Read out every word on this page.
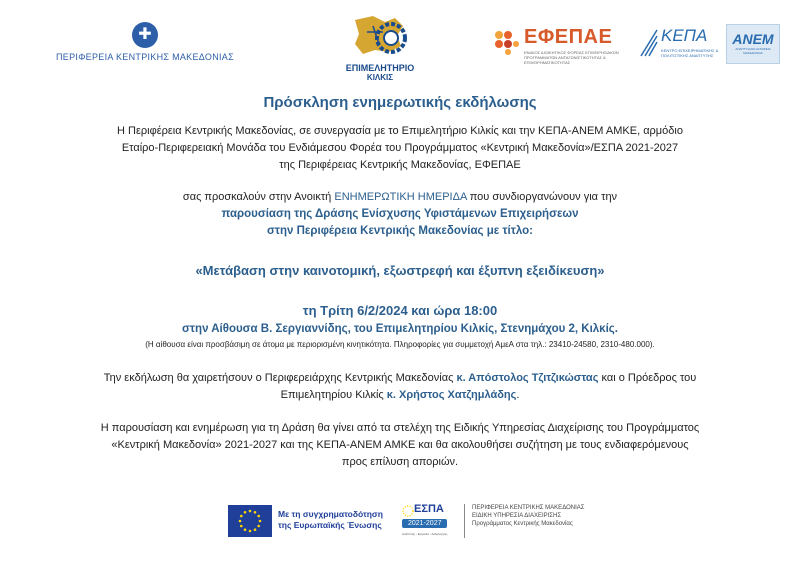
✚
ΠΕΡΙΦΕΡΕΙΑ ΚΕΝΤΡΙΚΗΣ ΜΑΚΕΔΟΝΙΑΣ
ΕΠΙΜΕΛΗΤΗΡΙΟ
ΚΙΛΚΙΣ
ΕΦΕΠΑΕ
ΕΝΙΑΙΟΣ ΔΙΟΙΚΗΤΙΚΟΣ ΦΟΡΕΑΣ ΕΠΙΧΕΙΡΗΣΙΑΚΩΝ ΠΡΟΓΡΑΜΜΑΤΩΝ ΑΝΤΑΓΩΝΙΣΤΙΚΟΤΗΤΑΣ & ΕΠΙΧΕΙΡΗΜΑΤΙΚΟΤΗΤΑΣ
ΚΕΠΑ
ΚΕΝΤΡΟ ΕΠΙΧΕΙΡΗΜΑΤΙΚΗΣ & ΠΟΛΙΤΙΣΤΙΚΗΣ ΑΝΑΠΤΥΞΗΣ
ΑΝΕΜ
ΑΝΑΠΤΥΞΙΑΚΗ ΕΤΑΙΡΕΙΑ ΜΑΚΕΔΟΝΙΑΣ
Πρόσκληση ενημερωτικής εκδήλωσης
Η Περιφέρεια Κεντρικής Μακεδονίας, σε συνεργασία με το Επιμελητήριο Κιλκίς και την ΚΕΠΑ-ΑΝΕΜ ΑΜΚΕ, αρμόδιο
Εταίρο-Περιφερειακή Μονάδα του Ενδιάμεσου Φορέα του Προγράμματος «Κεντρική Μακεδονία»/ΕΣΠΑ 2021-2027
της Περιφέρειας Κεντρικής Μακεδονίας, ΕΦΕΠΑΕ
σας προσκαλούν στην Ανοικτή ΕΝΗΜΕΡΩΤΙΚΗ ΗΜΕΡΙΔΑ που συνδιοργανώνουν για την
παρουσίαση της Δράσης Ενίσχυσης Υφιστάμενων Επιχειρήσεων
στην Περιφέρεια Κεντρικής Μακεδονίας με τίτλο:
«Μετάβαση στην καινοτομική, εξωστρεφή και έξυπνη εξειδίκευση»
τη Τρίτη 6/2/2024 και ώρα 18:00
στην Αίθουσα Β. Σεργιαννίδης, του Επιμελητηρίου Κιλκίς, Στενημάχου 2, Κιλκίς.
(Η αίθουσα είναι προσβάσιμη σε άτομα με περιορισμένη κινητικότητα. Πληροφορίες για συμμετοχή ΑμεΑ στα τηλ.: 23410-24580, 2310-480.000).
Την εκδήλωση θα χαιρετήσουν ο Περιφερειάρχης Κεντρικής Μακεδονίας κ. Απόστολος Τζιτζικώστας και ο Πρόεδρος του
Επιμελητηρίου Κιλκίς κ. Χρήστος Χατζημλάδης.
Η παρουσίαση και ενημέρωση για τη Δράση θα γίνει από τα στελέχη της Ειδικής Υπηρεσίας Διαχείρισης του Προγράμματος
«Κεντρική Μακεδονία» 2021-2027 και της ΚΕΠΑ-ΑΝΕΜ ΑΜΚΕ και θα ακολουθήσει συζήτηση με τους ενδιαφερόμενους
προς επίλυση αποριών.
Με τη συγχρηματοδότηση
της Ευρωπαϊκής Ένωσης
ΕΣΠΑ
2021-2027
Ανάπτυξη - Εργασία - Αλληλεγγύη
ΠΕΡΙΦΕΡΕΙΑ ΚΕΝΤΡΙΚΗΣ ΜΑΚΕΔΟΝΙΑΣ
ΕΙΔΙΚΗ ΥΠΗΡΕΣΙΑ ΔΙΑΧΕΙΡΙΣΗΣ
Προγράμματος Κεντρικής Μακεδονίας
